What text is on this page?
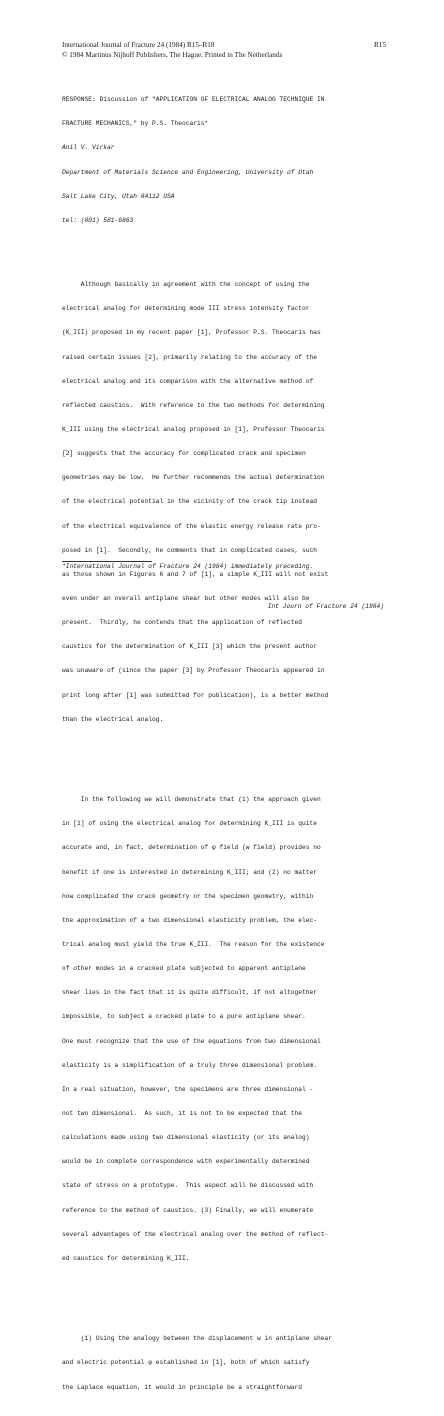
International Journal of Fracture 24 (1984) R15–R18
© 1984 Martinus Nijhoff Publishers, The Hague. Printed in The Netherlands
R15

RESPONSE: Discussion of "APPLICATION OF ELECTRICAL ANALOG TECHNIQUE IN

FRACTURE MECHANICS," by P.S. Theocaris*

Anil V. Virkar

Department of Materials Science and Engineering, University of Utah

Salt Lake City, Utah 84112 USA

tel: (801) 581-6863

Although basically in agreement with the concept of using the

electrical analog for determining mode III stress intensity factor

(K_III) proposed in my recent paper [1], Professor P.S. Theocaris has

raised certain issues [2], primarily relating to the accuracy of the

electrical analog and its comparison with the alternative method of

reflected caustics.  With reference to the two methods for determining

K_III using the electrical analog proposed in [1], Professor Theocaris

[2] suggests that the accuracy for complicated crack and specimen

geometries may be low.  He further recommends the actual determination

of the electrical potential in the vicinity of the crack tip instead

of the electrical equivalence of the elastic energy release rate pro-

posed in [1].  Secondly, he comments that in complicated cases, such

as those shown in Figures 6 and 7 of [1], a simple K_III will not exist

even under an overall antiplane shear but other modes will also be

present.  Thirdly, he contends that the application of reflected

caustics for the determination of K_III [3] which the present author

was unaware of (since the paper [3] by Professor Theocaris appeared in

print long after [1] was submitted for publication), is a better method

than the electrical analog.

In the following we will demonstrate that (1) the approach given

in [1] of using the electrical analog for determining K_III is quite

accurate and, in fact, determination of φ field (w field) provides no

benefit if one is interested in determining K_III; and (2) no matter

how complicated the crack geometry or the specimen geometry, within

the approximation of a two dimensional elasticity problem, the elec-

trical analog must yield the true K_III.  The reason for the existence

of other modes in a cracked plate subjected to apparent antiplane

shear lies in the fact that it is quite difficult, if not altogether

impossible, to subject a cracked plate to a pure antiplane shear.

One must recognize that the use of the equations from two dimensional

elasticity is a simplification of a truly three dimensional problem.

In a real situation, however, the specimens are three dimensional -

not two dimensional.  As such, it is not to be expected that the

calculations made using two dimensional elasticity (or its analog)

would be in complete correspondence with experimentally determined

state of stress on a prototype.  This aspect will be discussed with

reference to the method of caustics. (3) Finally, we will enumerate

several advantages of the electrical analog over the method of reflect-

ed caustics for determining K_III.

(1) Using the analogy between the displacement w in antiplane shear

and electric potential φ established in [1], both of which satisfy

the Laplace equation, it would in principle be a straightforward

*International Journal of Fracture 24 (1984) immediately preceding.
Int Journ of Fracture 24 (1984)
